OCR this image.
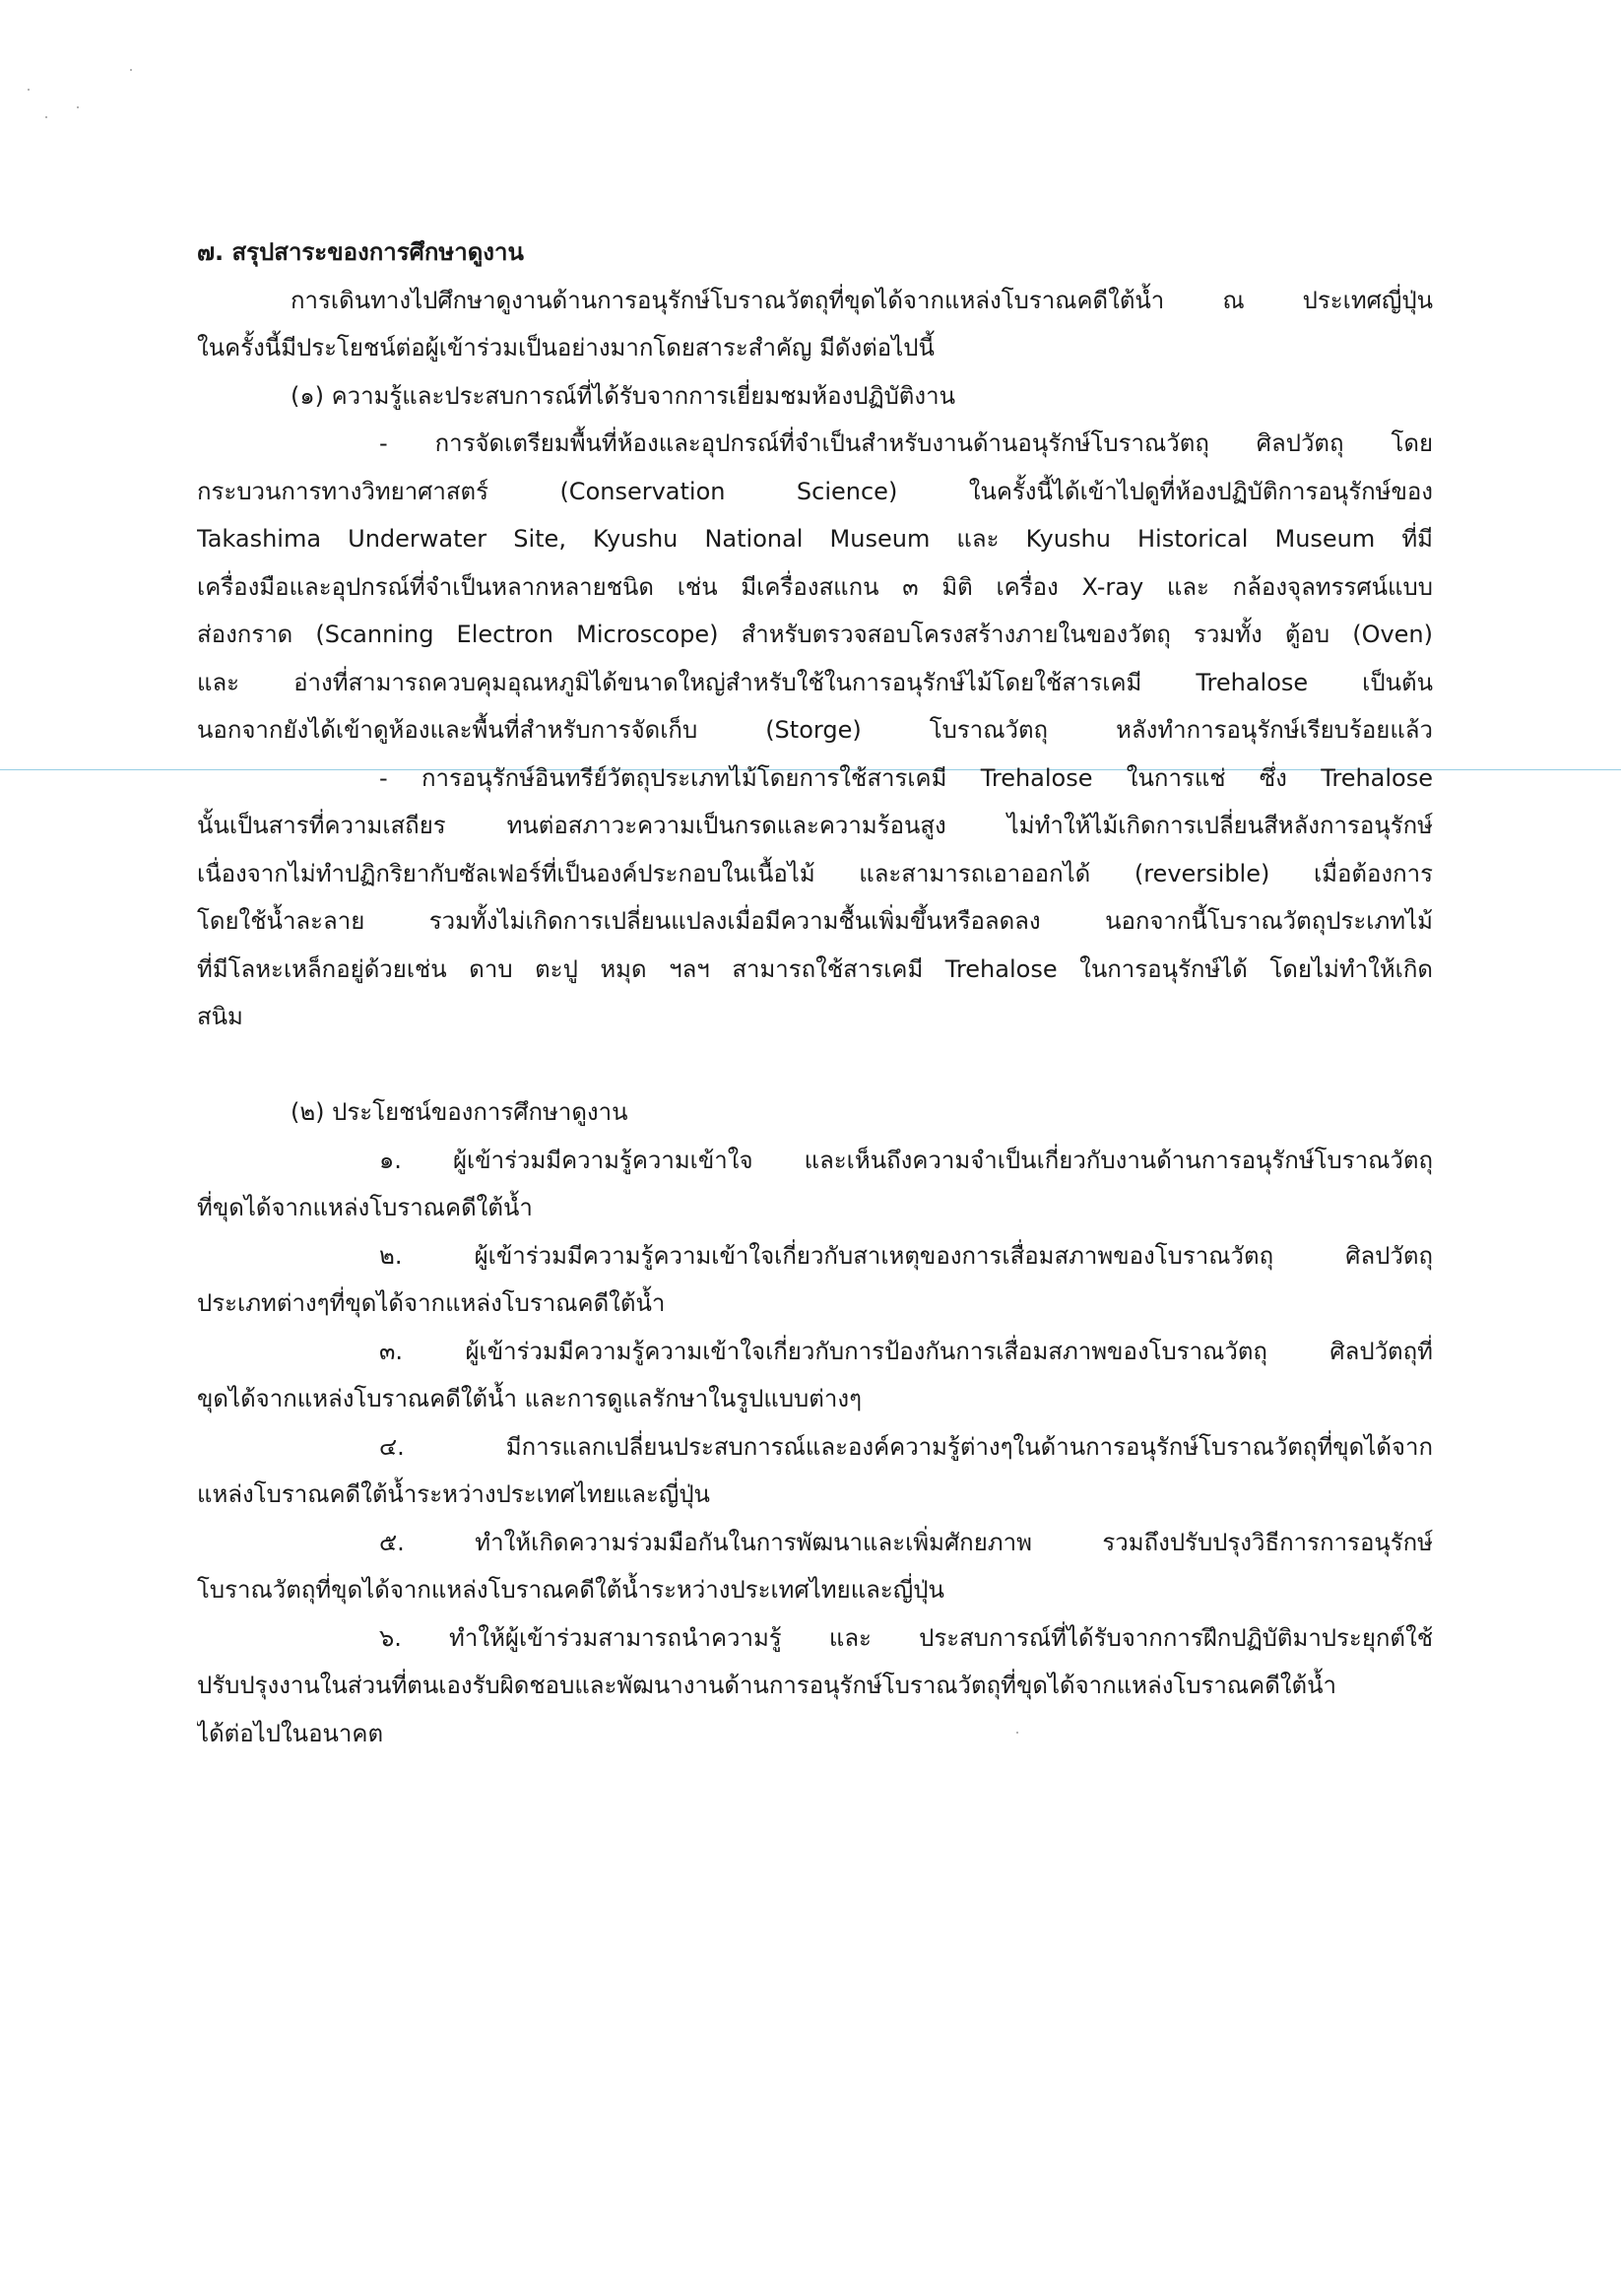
๗. สรุปสาระของการศึกษาดูงาน
การเดินทางไปศึกษาดูงานด้านการอนุรักษ์โบราณวัตถุที่ขุดได้จากแหล่งโบราณคดีใต้น้ำ ณ ประเทศญี่ปุ่น
ในครั้งนี้มีประโยชน์ต่อผู้เข้าร่วมเป็นอย่างมากโดยสาระสำคัญ มีดังต่อไปนี้
(๑) ความรู้และประสบการณ์ที่ได้รับจากการเยี่ยมชมห้องปฏิบัติงาน
- การจัดเตรียมพื้นที่ห้องและอุปกรณ์ที่จำเป็นสำหรับงานด้านอนุรักษ์โบราณวัตถุ ศิลปวัตถุ โดย
กระบวนการทางวิทยาศาสตร์ (Conservation Science) ในครั้งนี้ได้เข้าไปดูที่ห้องปฏิบัติการอนุรักษ์ของ
Takashima Underwater Site, Kyushu National Museum และ Kyushu Historical Museum ที่มี
เครื่องมือและอุปกรณ์ที่จำเป็นหลากหลายชนิด เช่น มีเครื่องสแกน ๓ มิติ เครื่อง X-ray และ กล้องจุลทรรศน์แบบ
ส่องกราด (Scanning Electron Microscope) สำหรับตรวจสอบโครงสร้างภายในของวัตถุ รวมทั้ง ตู้อบ (Oven)
และ อ่างที่สามารถควบคุมอุณหภูมิได้ขนาดใหญ่สำหรับใช้ในการอนุรักษ์ไม้โดยใช้สารเคมี Trehalose เป็นต้น
นอกจากยังได้เข้าดูห้องและพื้นที่สำหรับการจัดเก็บ (Storge) โบราณวัตถุ หลังทำการอนุรักษ์เรียบร้อยแล้ว
- การอนุรักษ์อินทรีย์วัตถุประเภทไม้โดยการใช้สารเคมี Trehalose ในการแช่ ซึ่ง Trehalose
นั้นเป็นสารที่ความเสถียร ทนต่อสภาวะความเป็นกรดและความร้อนสูง ไม่ทำให้ไม้เกิดการเปลี่ยนสีหลังการอนุรักษ์
เนื่องจากไม่ทำปฏิกริยากับซัลเฟอร์ที่เป็นองค์ประกอบในเนื้อไม้ และสามารถเอาออกได้ (reversible) เมื่อต้องการ
โดยใช้น้ำละลาย รวมทั้งไม่เกิดการเปลี่ยนแปลงเมื่อมีความชื้นเพิ่มขึ้นหรือลดลง นอกจากนี้โบราณวัตถุประเภทไม้
ที่มีโลหะเหล็กอยู่ด้วยเช่น ดาบ ตะปู หมุด ฯลฯ สามารถใช้สารเคมี Trehalose ในการอนุรักษ์ได้ โดยไม่ทำให้เกิด
สนิม
(๒) ประโยชน์ของการศึกษาดูงาน
๑. ผู้เข้าร่วมมีความรู้ความเข้าใจ และเห็นถึงความจำเป็นเกี่ยวกับงานด้านการอนุรักษ์โบราณวัตถุ
ที่ขุดได้จากแหล่งโบราณคดีใต้น้ำ
๒. ผู้เข้าร่วมมีความรู้ความเข้าใจเกี่ยวกับสาเหตุของการเสื่อมสภาพของโบราณวัตถุ ศิลปวัตถุ
ประเภทต่างๆที่ขุดได้จากแหล่งโบราณคดีใต้น้ำ
๓. ผู้เข้าร่วมมีความรู้ความเข้าใจเกี่ยวกับการป้องกันการเสื่อมสภาพของโบราณวัตถุ ศิลปวัตถุที่
ขุดได้จากแหล่งโบราณคดีใต้น้ำ และการดูแลรักษาในรูปแบบต่างๆ
๔. มีการแลกเปลี่ยนประสบการณ์และองค์ความรู้ต่างๆในด้านการอนุรักษ์โบราณวัตถุที่ขุดได้จาก
แหล่งโบราณคดีใต้น้ำระหว่างประเทศไทยและญี่ปุ่น
๕. ทำให้เกิดความร่วมมือกันในการพัฒนาและเพิ่มศักยภาพ รวมถึงปรับปรุงวิธีการการอนุรักษ์
โบราณวัตถุที่ขุดได้จากแหล่งโบราณคดีใต้น้ำระหว่างประเทศไทยและญี่ปุ่น
๖. ทำให้ผู้เข้าร่วมสามารถนำความรู้ และ ประสบการณ์ที่ได้รับจากการฝึกปฏิบัติมาประยุกต์ใช้
ปรับปรุงงานในส่วนที่ตนเองรับผิดชอบและพัฒนางานด้านการอนุรักษ์โบราณวัตถุที่ขุดได้จากแหล่งโบราณคดีใต้น้ำ
ได้ต่อไปในอนาคต
